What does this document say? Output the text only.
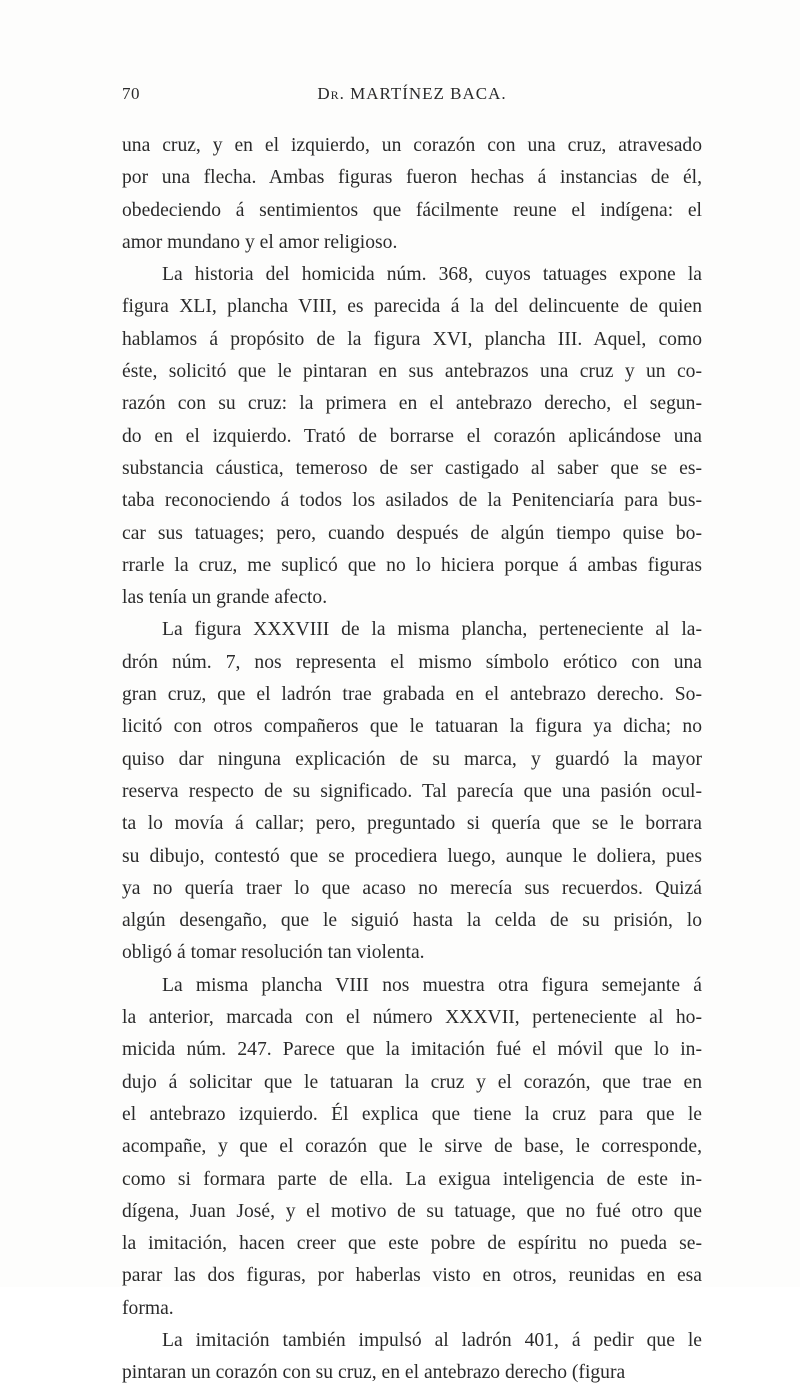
70	Dr. MARTÍNEZ BACA.

una cruz, y en el izquierdo, un corazón con una cruz, atravesado
por una flecha. Ambas figuras fueron hechas á instancias de él,
obedeciendo á sentimientos que fácilmente reune el indígena: el
amor mundano y el amor religioso.

La historia del homicida núm. 368, cuyos tatuages expone la
figura XLI, plancha VIII, es parecida á la del delincuente de quien
hablamos á propósito de la figura XVI, plancha III. Aquel, como
éste, solicitó que le pintaran en sus antebrazos una cruz y un co-
razón con su cruz: la primera en el antebrazo derecho, el segun-
do en el izquierdo. Trató de borrarse el corazón aplicándose una
substancia cáustica, temeroso de ser castigado al saber que se es-
taba reconociendo á todos los asilados de la Penitenciaría para bus-
car sus tatuages; pero, cuando después de algún tiempo quise bo-
rrarle la cruz, me suplicó que no lo hiciera porque á ambas figuras
las tenía un grande afecto.

La figura XXXVIII de la misma plancha, perteneciente al la-
drón núm. 7, nos representa el mismo símbolo erótico con una
gran cruz, que el ladrón trae grabada en el antebrazo derecho. So-
licitó con otros compañeros que le tatuaran la figura ya dicha; no
quiso dar ninguna explicación de su marca, y guardó la mayor
reserva respecto de su significado. Tal parecía que una pasión ocul-
ta lo movía á callar; pero, preguntado si quería que se le borrara
su dibujo, contestó que se procediera luego, aunque le doliera, pues
ya no quería traer lo que acaso no merecía sus recuerdos. Quizá
algún desengaño, que le siguió hasta la celda de su prisión, lo
obligó á tomar resolución tan violenta.

La misma plancha VIII nos muestra otra figura semejante á
la anterior, marcada con el número XXXVII, perteneciente al ho-
micida núm. 247. Parece que la imitación fué el móvil que lo in-
dujo á solicitar que le tatuaran la cruz y el corazón, que trae en
el antebrazo izquierdo. Él explica que tiene la cruz para que le
acompañe, y que el corazón que le sirve de base, le corresponde,
como si formara parte de ella. La exigua inteligencia de este in-
dígena, Juan José, y el motivo de su tatuage, que no fué otro que
la imitación, hacen creer que este pobre de espíritu no pueda se-
parar las dos figuras, por haberlas visto en otros, reunidas en esa
forma.

La imitación también impulsó al ladrón 401, á pedir que le
pintaran un corazón con su cruz, en el antebrazo derecho (figura
